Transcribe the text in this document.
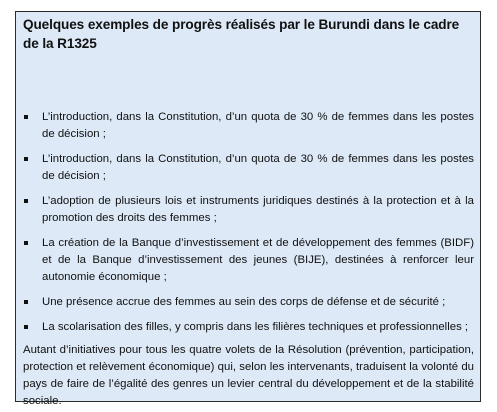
Quelques exemples de progrès réalisés par le Burundi dans le cadre de la R1325

L’introduction, dans la Constitution, d’un quota de 30 % de femmes dans les postes de décision ;
L’introduction, dans la Constitution, d’un quota de 30 % de femmes dans les postes de décision ;
L’adoption de plusieurs lois et instruments juridiques destinés à la protection et à la promotion des droits des femmes ;
La création de la Banque d’investissement et de développement des femmes (BIDF) et de la Banque d’investissement des jeunes (BIJE), destinées à renforcer leur autonomie économique ;
Une présence accrue des femmes au sein des corps de défense et de sécurité ;
La scolarisation des filles, y compris dans les filières techniques et professionnelles ;

Autant d’initiatives pour tous les quatre volets de la Résolution (prévention, participation, protection et relèvement économique) qui, selon les intervenants, traduisent la volonté du pays de faire de l’égalité des genres un levier central du développement et de la stabilité sociale.
